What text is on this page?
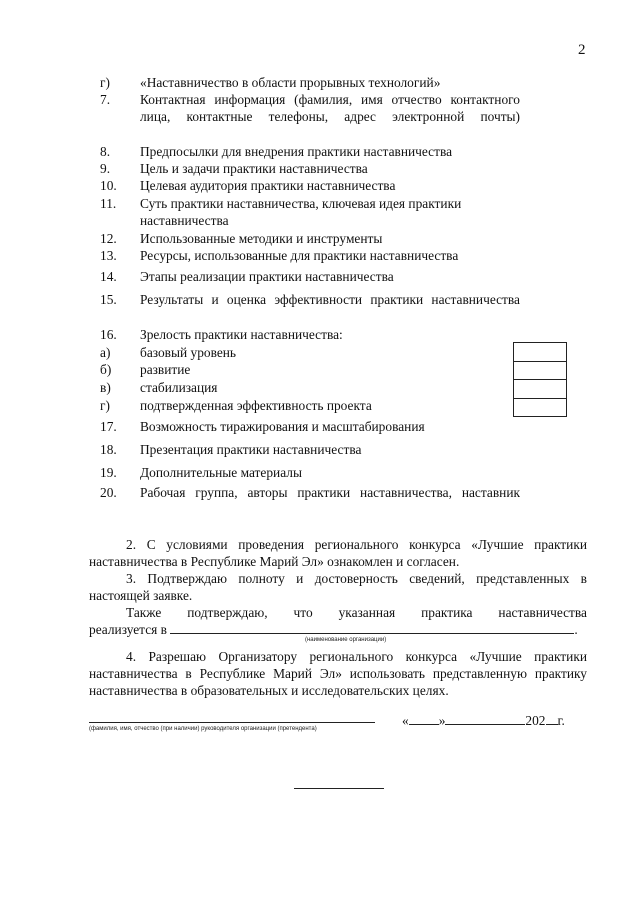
2
г)	«Наставничество в области прорывных технологий»
7.	Контактная информация (фамилия, имя отчество контактного лица, контактные телефоны, адрес электронной почты)
8.	Предпосылки для внедрения практики наставничества
9.	Цель и задачи практики наставничества
10.	Целевая аудитория практики наставничества
11.	Суть практики наставничества, ключевая идея практики наставничества
12.	Использованные методики и инструменты
13.	Ресурсы, использованные для практики наставничества
14.	Этапы реализации практики наставничества
15.	Результаты и оценка эффективности практики наставничества
16.	Зрелость практики наставничества:
а)	базовый уровень
б)	развитие
в)	стабилизация
г)	подтвержденная эффективность проекта
17.	Возможность тиражирования и масштабирования
18.	Презентация практики наставничества
19.	Дополнительные материалы
20.	Рабочая группа, авторы практики наставничества, наставник
2. С условиями проведения регионального конкурса «Лучшие практики наставничества в Республике Марий Эл» ознакомлен и согласен.
3. Подтверждаю полноту и достоверность сведений, представленных в настоящей заявке.
Также подтверждаю, что указанная практика наставничества
реализуется в	.
(наименование организации)
4. Разрешаю Организатору регионального конкурса «Лучшие практики наставничества в Республике Марий Эл» использовать представленную практику наставничества в образовательных и исследовательских целях.
(фамилия, имя, отчество (при наличии) руководителя организации (претендента)
« »	202 г.
